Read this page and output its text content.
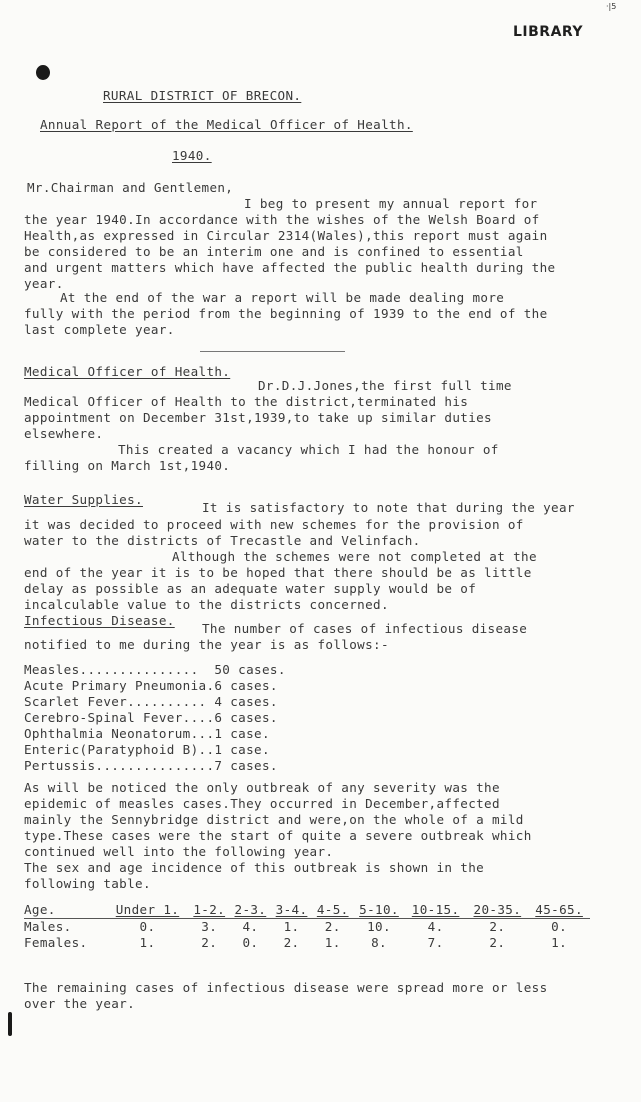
·|5
LIBRARY
RURAL DISTRICT OF BRECON.
Annual Report of the Medical Officer of Health.
1940.
Mr.Chairman and Gentlemen,
I beg to present my annual report for
the year 1940.In accordance with the wishes of the Welsh Board of
Health,as expressed in Circular 2314(Wales),this report must again
be considered to be an interim one and is confined to essential
and urgent matters which have affected the public health during the
year.
At the end of the war a report will be made dealing more
fully with the period from the beginning of 1939 to the end of the
last complete year.
Medical Officer of Health.
Dr.D.J.Jones,the first full time
Medical Officer of Health to the district,terminated his
appointment on December 31st,1939,to take up similar duties
elsewhere.
This created a vacancy which I had the honour of
filling on March 1st,1940.
Water Supplies.
It is satisfactory to note that during the year
it was decided to proceed with new schemes for the provision of
water to the districts of Trecastle and Velinfach.
Although the schemes were not completed at the
end of the year it is to be hoped that there should be as little
delay as possible as an adequate water supply would be of
incalculable value to the districts concerned.
Infectious Disease.
The number of cases of infectious disease
notified to me during the year is as follows:-
Measles...............	50 cases.
Acute Primary Pneumonia.	6 cases.
Scarlet Fever..........	4 cases.
Cerebro-Spinal Fever....	6 cases.
Ophthalmia Neonatorum...	1 case.
Enteric(Paratyphoid B)..	1 case.
Pertussis...............	7 cases.
As will be noticed the only outbreak of any severity was the
epidemic of measles cases.They occurred in December,affected
mainly the Sennybridge district and were,on the whole of a mild
type.These cases were the start of quite a severe outbreak which
continued well into the following year.
The sex and age incidence of this outbreak is shown in the
following table.
Age.	Under 1.	1-2.	2-3.	3-4.	4-5.	5-10.	10-15.	20-35.	45-65.
Males.	0.	3.	4.	1.	2.	10.	4.	2.	0.
Females.	1.	2.	0.	2.	1.	8.	7.	2.	1.
The remaining cases of infectious disease were spread more or less
over the year.
